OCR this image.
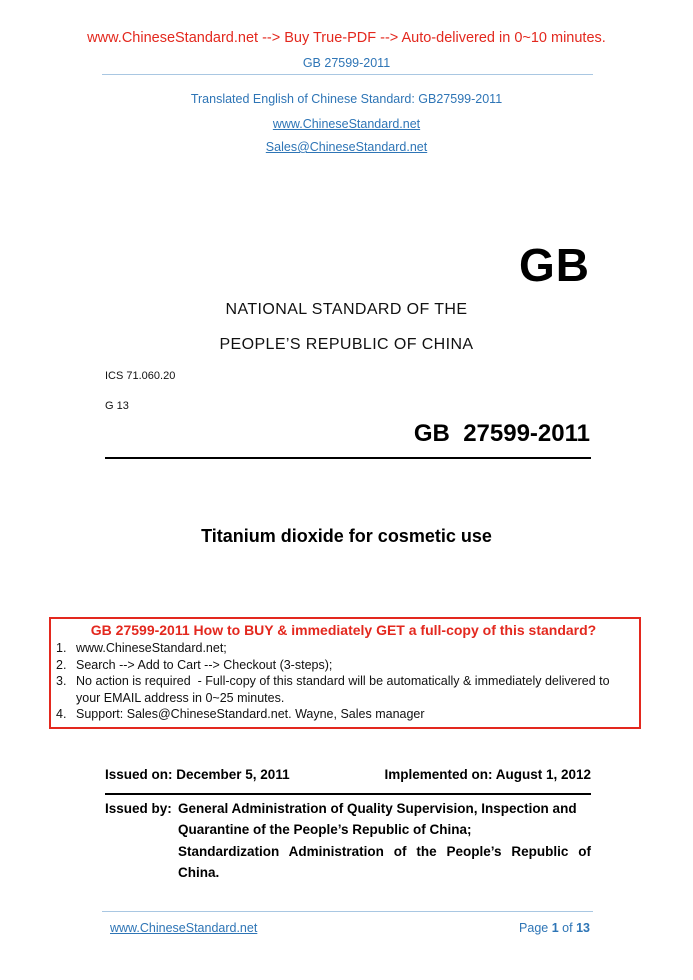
www.ChineseStandard.net --> Buy True-PDF --> Auto-delivered in 0~10 minutes.
GB 27599-2011
Translated English of Chinese Standard: GB27599-2011
www.ChineseStandard.net
Sales@ChineseStandard.net
GB
NATIONAL STANDARD OF THE
PEOPLE’S REPUBLIC OF CHINA
ICS 71.060.20
G 13
GB  27599-2011
Titanium dioxide for cosmetic use
GB 27599-2011 How to BUY & immediately GET a full-copy of this standard?
1. www.ChineseStandard.net;
2. Search --> Add to Cart --> Checkout (3-steps);
3. No action is required  - Full-copy of this standard will be automatically & immediately delivered to your EMAIL address in 0~25 minutes.
4. Support: Sales@ChineseStandard.net. Wayne, Sales manager
Issued on: December 5, 2011	Implemented on: August 1, 2012
Issued by: General Administration of Quality Supervision, Inspection and
Quarantine of the People’s Republic of China;
Standardization Administration of the People’s Republic of
China.
www.ChineseStandard.net	Page 1 of 13
